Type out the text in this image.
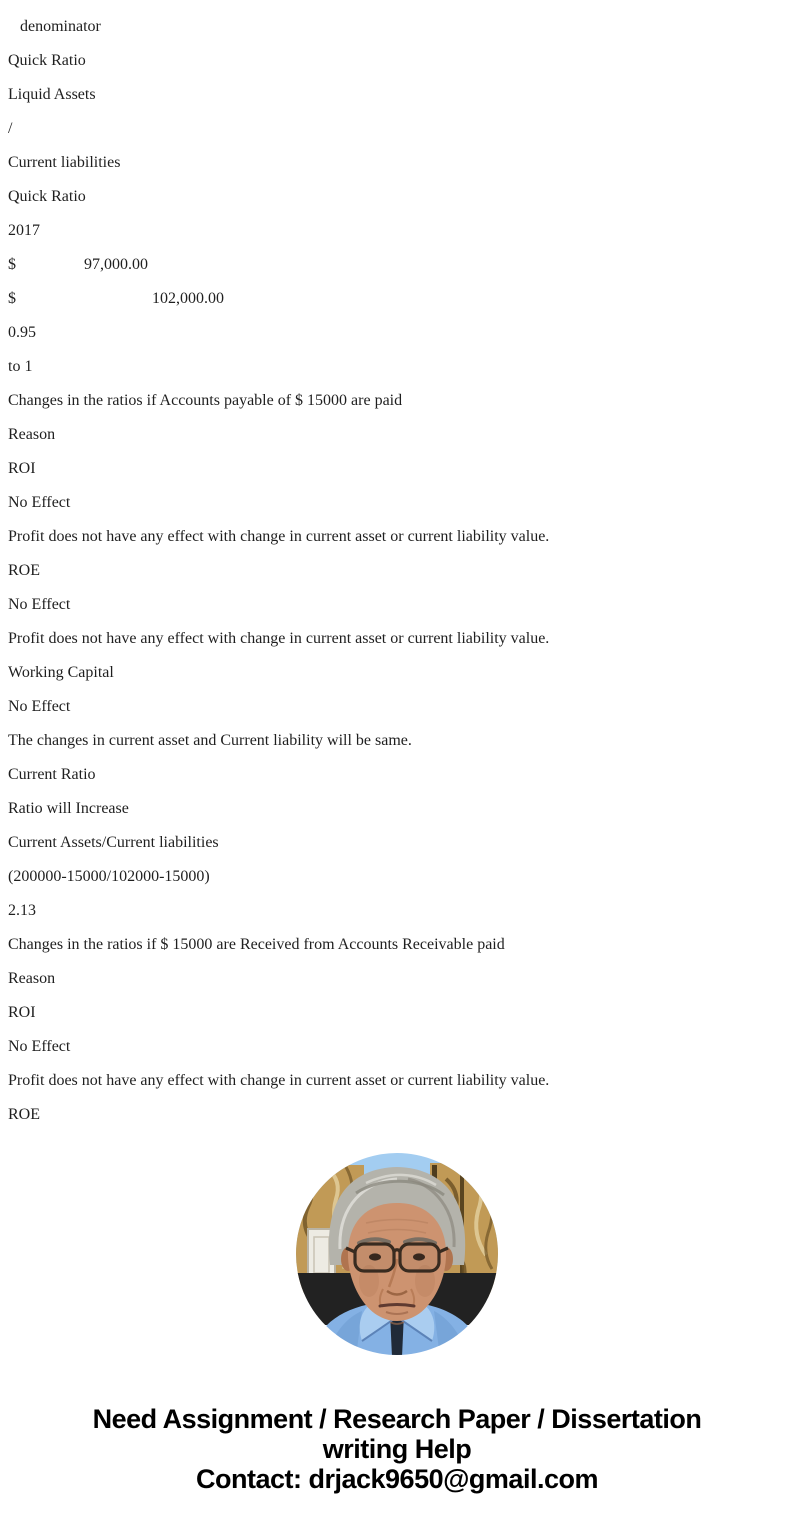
denominator

Quick Ratio

Liquid Assets

/

Current liabilities

Quick Ratio

2017

$                 97,000.00

$                                  102,000.00

0.95

to 1

Changes in the ratios if Accounts payable of $ 15000 are paid

Reason

ROI

No Effect

Profit does not have any effect with change in current asset or current liability value.

ROE

No Effect

Profit does not have any effect with change in current asset or current liability value.

Working Capital

No Effect

The changes in current asset and Current liability will be same.

Current Ratio

Ratio will Increase

Current Assets/Current liabilities

(200000-15000/102000-15000)

2.13

Changes in the ratios if $ 15000 are Received from Accounts Receivable paid

Reason

ROI

No Effect

Profit does not have any effect with change in current asset or current liability value.

ROE

Need Assignment / Research Paper / Dissertation
writing Help
Contact: drjack9650@gmail.com
